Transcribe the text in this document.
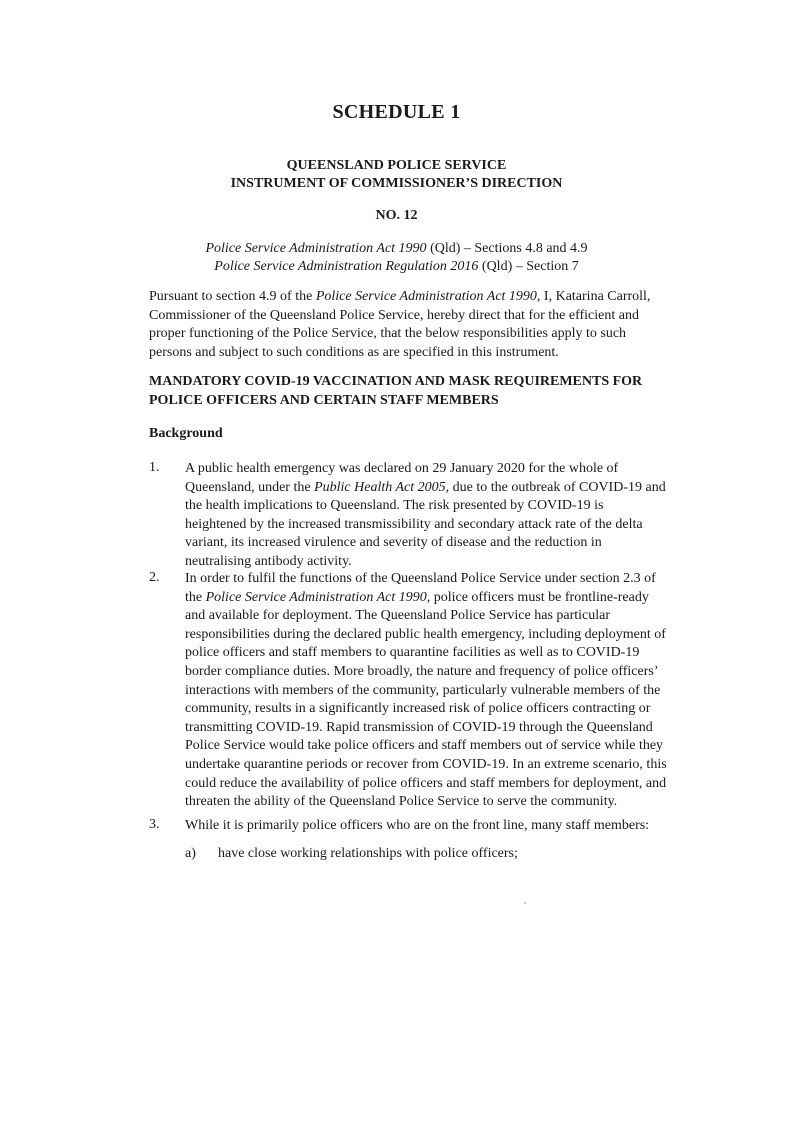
SCHEDULE 1

QUEENSLAND POLICE SERVICE

INSTRUMENT OF COMMISSIONER’S DIRECTION

NO. 12

Police Service Administration Act 1990 (Qld) – Sections 4.8 and 4.9

Police Service Administration Regulation 2016 (Qld) – Section 7

Pursuant to section 4.9 of the Police Service Administration Act 1990, I, Katarina Carroll, Commissioner of the Queensland Police Service, hereby direct that for the efficient and proper functioning of the Police Service, that the below responsibilities apply to such persons and subject to such conditions as are specified in this instrument.

MANDATORY COVID-19 VACCINATION AND MASK REQUIREMENTS FOR POLICE OFFICERS AND CERTAIN STAFF MEMBERS

Background

1. A public health emergency was declared on 29 January 2020 for the whole of Queensland, under the Public Health Act 2005, due to the outbreak of COVID-19 and the health implications to Queensland. The risk presented by COVID-19 is heightened by the increased transmissibility and secondary attack rate of the delta variant, its increased virulence and severity of disease and the reduction in neutralising antibody activity.

2. In order to fulfil the functions of the Queensland Police Service under section 2.3 of the Police Service Administration Act 1990, police officers must be frontline-ready and available for deployment. The Queensland Police Service has particular responsibilities during the declared public health emergency, including deployment of police officers and staff members to quarantine facilities as well as to COVID-19 border compliance duties. More broadly, the nature and frequency of police officers’ interactions with members of the community, particularly vulnerable members of the community, results in a significantly increased risk of police officers contracting or transmitting COVID-19. Rapid transmission of COVID-19 through the Queensland Police Service would take police officers and staff members out of service while they undertake quarantine periods or recover from COVID-19. In an extreme scenario, this could reduce the availability of police officers and staff members for deployment, and threaten the ability of the Queensland Police Service to serve the community.

3. While it is primarily police officers who are on the front line, many staff members:

a) have close working relationships with police officers;
